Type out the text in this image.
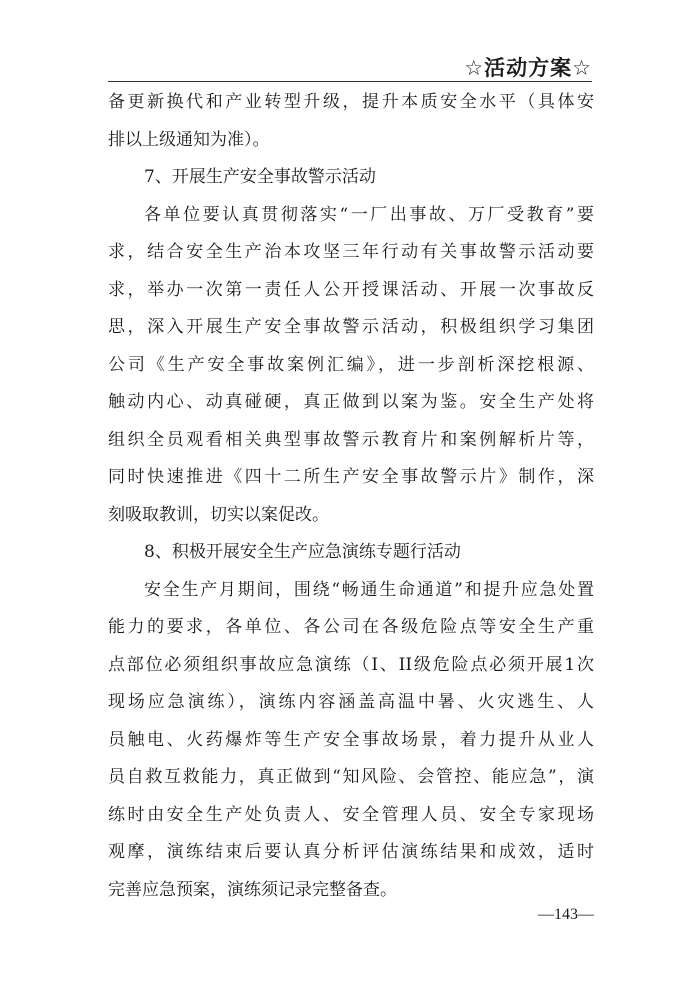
☆活动方案☆
备更新换代和产业转型升级，提升本质安全水平（具体安
排以上级通知为准）。
7、开展生产安全事故警示活动
各单位要认真贯彻落实“一厂出事故、万厂受教育”要
求，结合安全生产治本攻坚三年行动有关事故警示活动要
求，举办一次第一责任人公开授课活动、开展一次事故反
思，深入开展生产安全事故警示活动，积极组织学习集团
公司《生产安全事故案例汇编》，进一步剖析深挖根源、
触动内心、动真碰硬，真正做到以案为鉴。安全生产处将
组织全员观看相关典型事故警示教育片和案例解析片等，
同时快速推进《四十二所生产安全事故警示片》制作，深
刻吸取教训，切实以案促改。
8、积极开展安全生产应急演练专题行活动
安全生产月期间，围绕“畅通生命通道”和提升应急处置
能力的要求，各单位、各公司在各级危险点等安全生产重
点部位必须组织事故应急演练（I、II级危险点必须开展1次
现场应急演练），演练内容涵盖高温中暑、火灾逃生、人
员触电、火药爆炸等生产安全事故场景，着力提升从业人
员自救互救能力，真正做到“知风险、会管控、能应急”，演
练时由安全生产处负责人、安全管理人员、安全专家现场
观摩，演练结束后要认真分析评估演练结果和成效，适时
完善应急预案，演练须记录完整备查。
—143—
